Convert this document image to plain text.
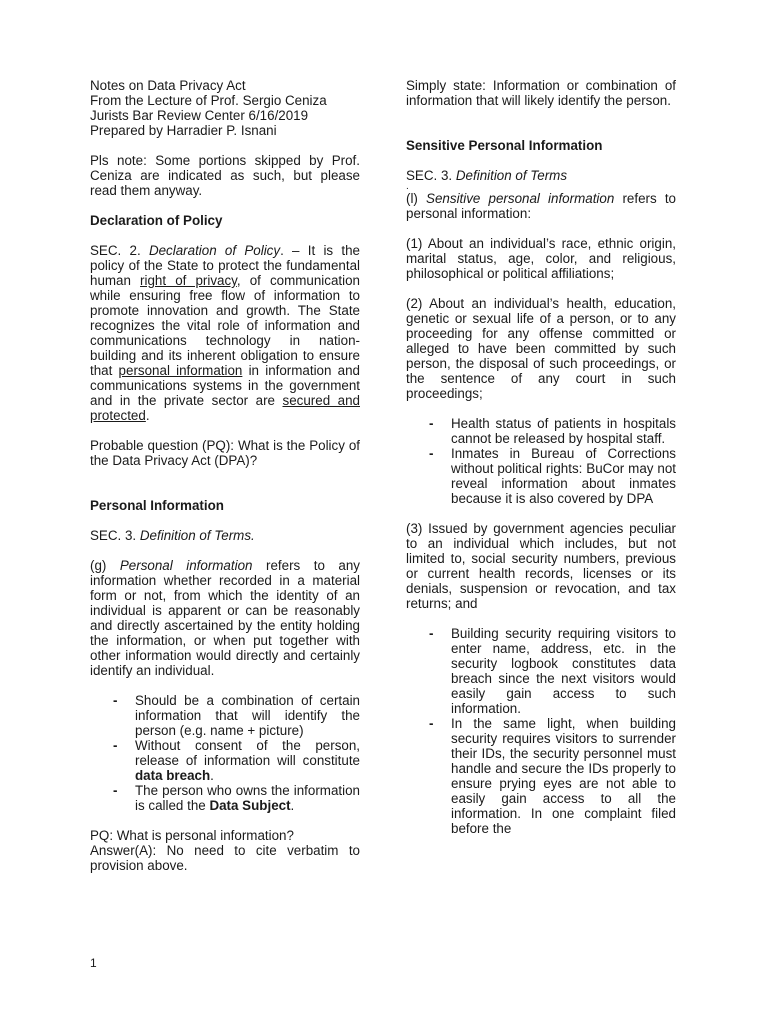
Notes on Data Privacy Act

From the Lecture of Prof. Sergio Ceniza

Jurists Bar Review Center 6/16/2019

Prepared by Harradier P. Isnani

Pls note: Some portions skipped by Prof. Ceniza are indicated as such, but please read them anyway.

Declaration of Policy

SEC. 2. Declaration of Policy. – It is the policy of the State to protect the fundamental human right of privacy, of communication while ensuring free flow of information to promote innovation and growth. The State recognizes the vital role of information and communications technology in nation-building and its inherent obligation to ensure that personal information in information and communications systems in the government and in the private sector are secured and protected.

Probable question (PQ): What is the Policy of the Data Privacy Act (DPA)?

Personal Information

SEC. 3. Definition of Terms.

(g) Personal information refers to any information whether recorded in a material form or not, from which the identity of an individual is apparent or can be reasonably and directly ascertained by the entity holding the information, or when put together with other information would directly and certainly identify an individual.

- Should be a combination of certain information that will identify the person (e.g. name + picture)
- Without consent of the person, release of information will constitute data breach.
- The person who owns the information is called the Data Subject.

PQ: What is personal information?

Answer(A): No need to cite verbatim to provision above.

Simply state: Information or combination of information that will likely identify the person.

Sensitive Personal Information

SEC. 3. Definition of Terms

.

(l) Sensitive personal information refers to personal information:

(1) About an individual’s race, ethnic origin, marital status, age, color, and religious, philosophical or political affiliations;

(2) About an individual’s health, education, genetic or sexual life of a person, or to any proceeding for any offense committed or alleged to have been committed by such person, the disposal of such proceedings, or the sentence of any court in such proceedings;

- Health status of patients in hospitals cannot be released by hospital staff.
- Inmates in Bureau of Corrections without political rights: BuCor may not reveal information about inmates because it is also covered by DPA

(3) Issued by government agencies peculiar to an individual which includes, but not limited to, social security numbers, previous or current health records, licenses or its denials, suspension or revocation, and tax returns; and

- Building security requiring visitors to enter name, address, etc. in the security logbook constitutes data breach since the next visitors would easily gain access to such information.
- In the same light, when building security requires visitors to surrender their IDs, the security personnel must handle and secure the IDs properly to ensure prying eyes are not able to easily gain access to all the information. In one complaint filed before the
1
